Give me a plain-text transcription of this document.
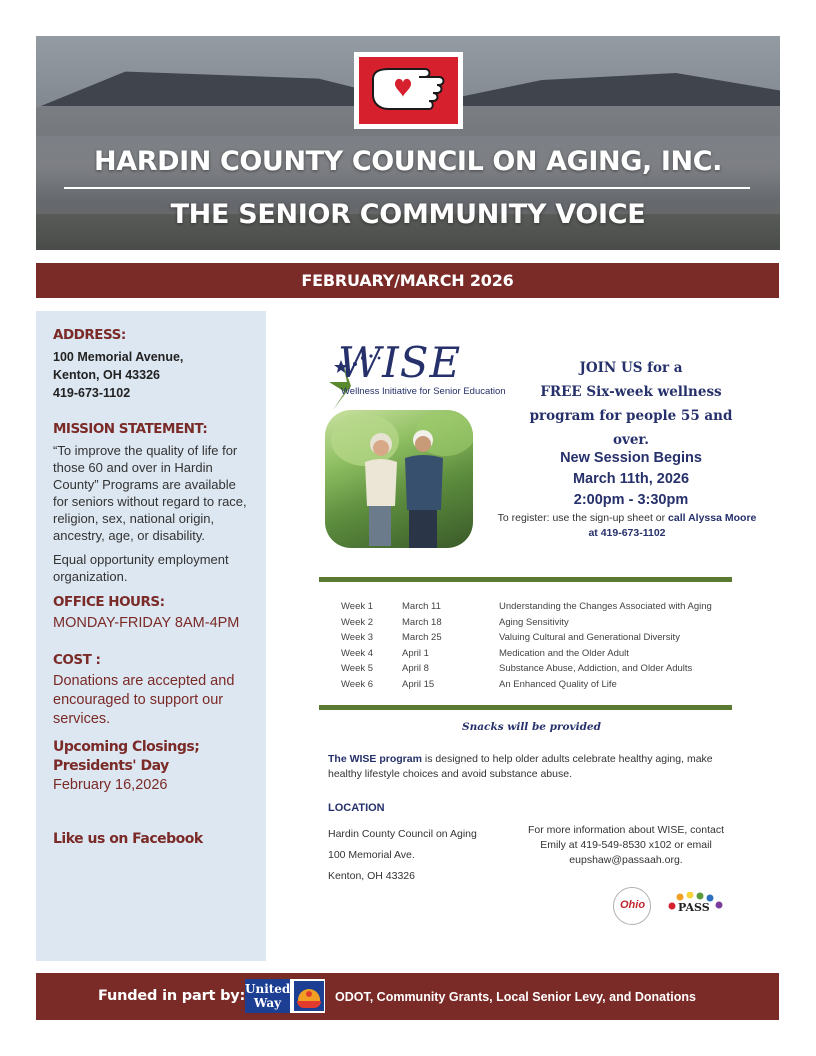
HARDIN COUNTY COUNCIL ON AGING, INC.
THE SENIOR COMMUNITY VOICE
FEBRUARY/MARCH 2026
ADDRESS:
100 Memorial Avenue,
Kenton, OH 43326
419-673-1102
MISSION STATEMENT:
“To improve the quality of life for those 60 and over in Hardin County” Programs are available for seniors without regard to race, religion, sex, national origin, ancestry, age, or disability.
Equal opportunity employment organization.
OFFICE HOURS:
MONDAY-FRIDAY 8AM-4PM
COST :
Donations are accepted and encouraged to support our services.
Upcoming Closings;
Presidents' Day
February 16,2026
Like us on Facebook
WISE
Wellness Initiative for Senior Education
JOIN US for a
FREE Six-week wellness
program for people 55 and
over.
New Session Begins
March 11th, 2026
2:00pm - 3:30pm
To register: use the sign-up sheet or call Alyssa Moore at 419-673-1102
Week 1	March 11	Understanding the Changes Associated with Aging
Week 2	March 18	Aging Sensitivity
Week 3	March 25	Valuing Cultural and Generational Diversity
Week 4	April 1	Medication and the Older Adult
Week 5	April 8	Substance Abuse, Addiction, and Older Adults
Week 6	April 15	An Enhanced Quality of Life
Snacks will be provided
The WISE program is designed to help older adults celebrate healthy aging, make healthy lifestyle choices and avoid substance abuse.
LOCATION
Hardin County Council on Aging
100 Memorial Ave.
Kenton, OH 43326
For more information about WISE, contact
Emily at 419-549-8530 x102 or email
eupshaw@passaah.org.
Ohio	PASS
Funded in part by: United
Way	ODOT, Community Grants, Local Senior Levy, and Donations
